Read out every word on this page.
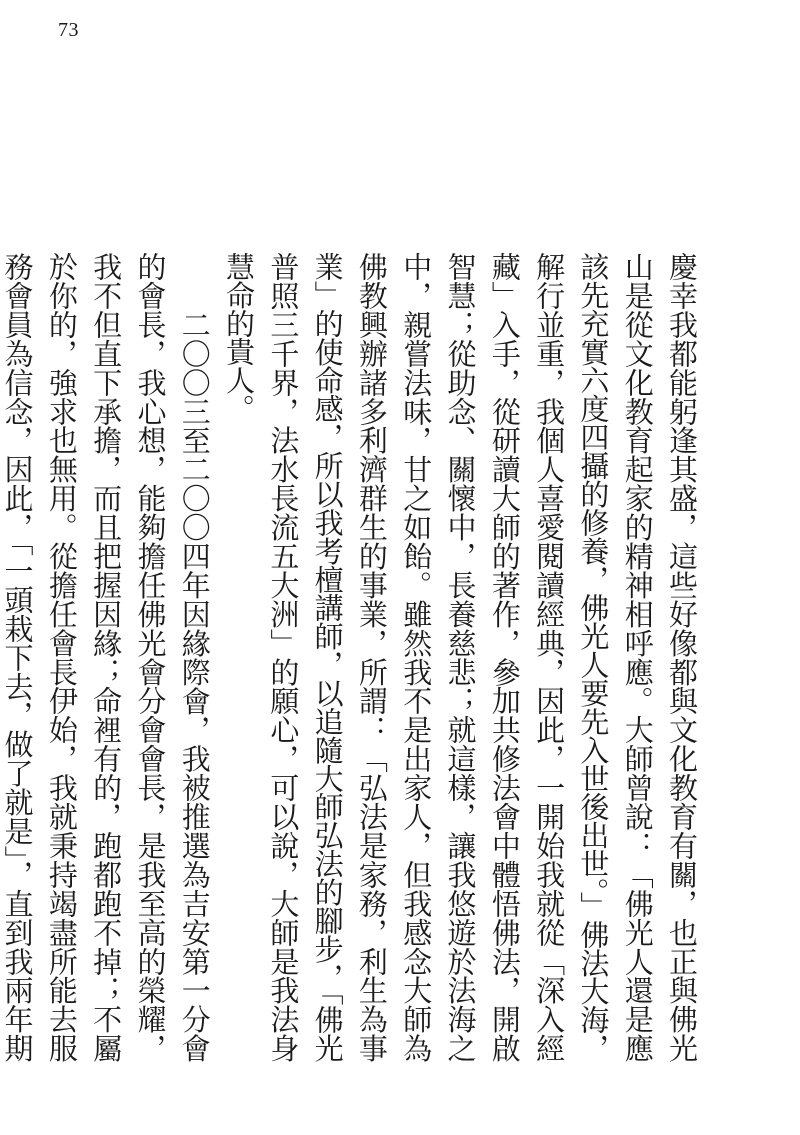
73

慶幸我都能躬逢其盛，這些好像都與文化教育有關，也正與佛光山是從文化教育起家的精神相呼應。大師曾說：「佛光人還是應該先充實六度四攝的修養，佛光人要先入世後出世。」佛法大海，解行並重，我個人喜愛閱讀經典，因此，一開始我就從「深入經藏」入手，從研讀大師的著作，參加共修法會中體悟佛法，開啟智慧；從助念、關懷中，長養慈悲；就這樣，讓我悠遊於法海之中，親嘗法味，甘之如飴。雖然我不是出家人，但我感念大師為佛教興辦諸多利濟群生的事業，所謂：「弘法是家務，利生為事業」的使命感，所以我考檀講師，以追隨大師弘法的腳步，「佛光普照三千界，法水長流五大洲」的願心，可以說，大師是我法身慧命的貴人。

二〇〇三至二〇〇四年因緣際會，我被推選為吉安第一分會的會長，我心想，能夠擔任佛光會分會會長，是我至高的榮耀，我不但直下承擔，而且把握因緣；命裡有的，跑都跑不掉；不屬於你的，強求也無用。從擔任會長伊始，我就秉持竭盡所能去服務會員為信念，因此，「一頭栽下去，做了就是」，直到我兩年期
